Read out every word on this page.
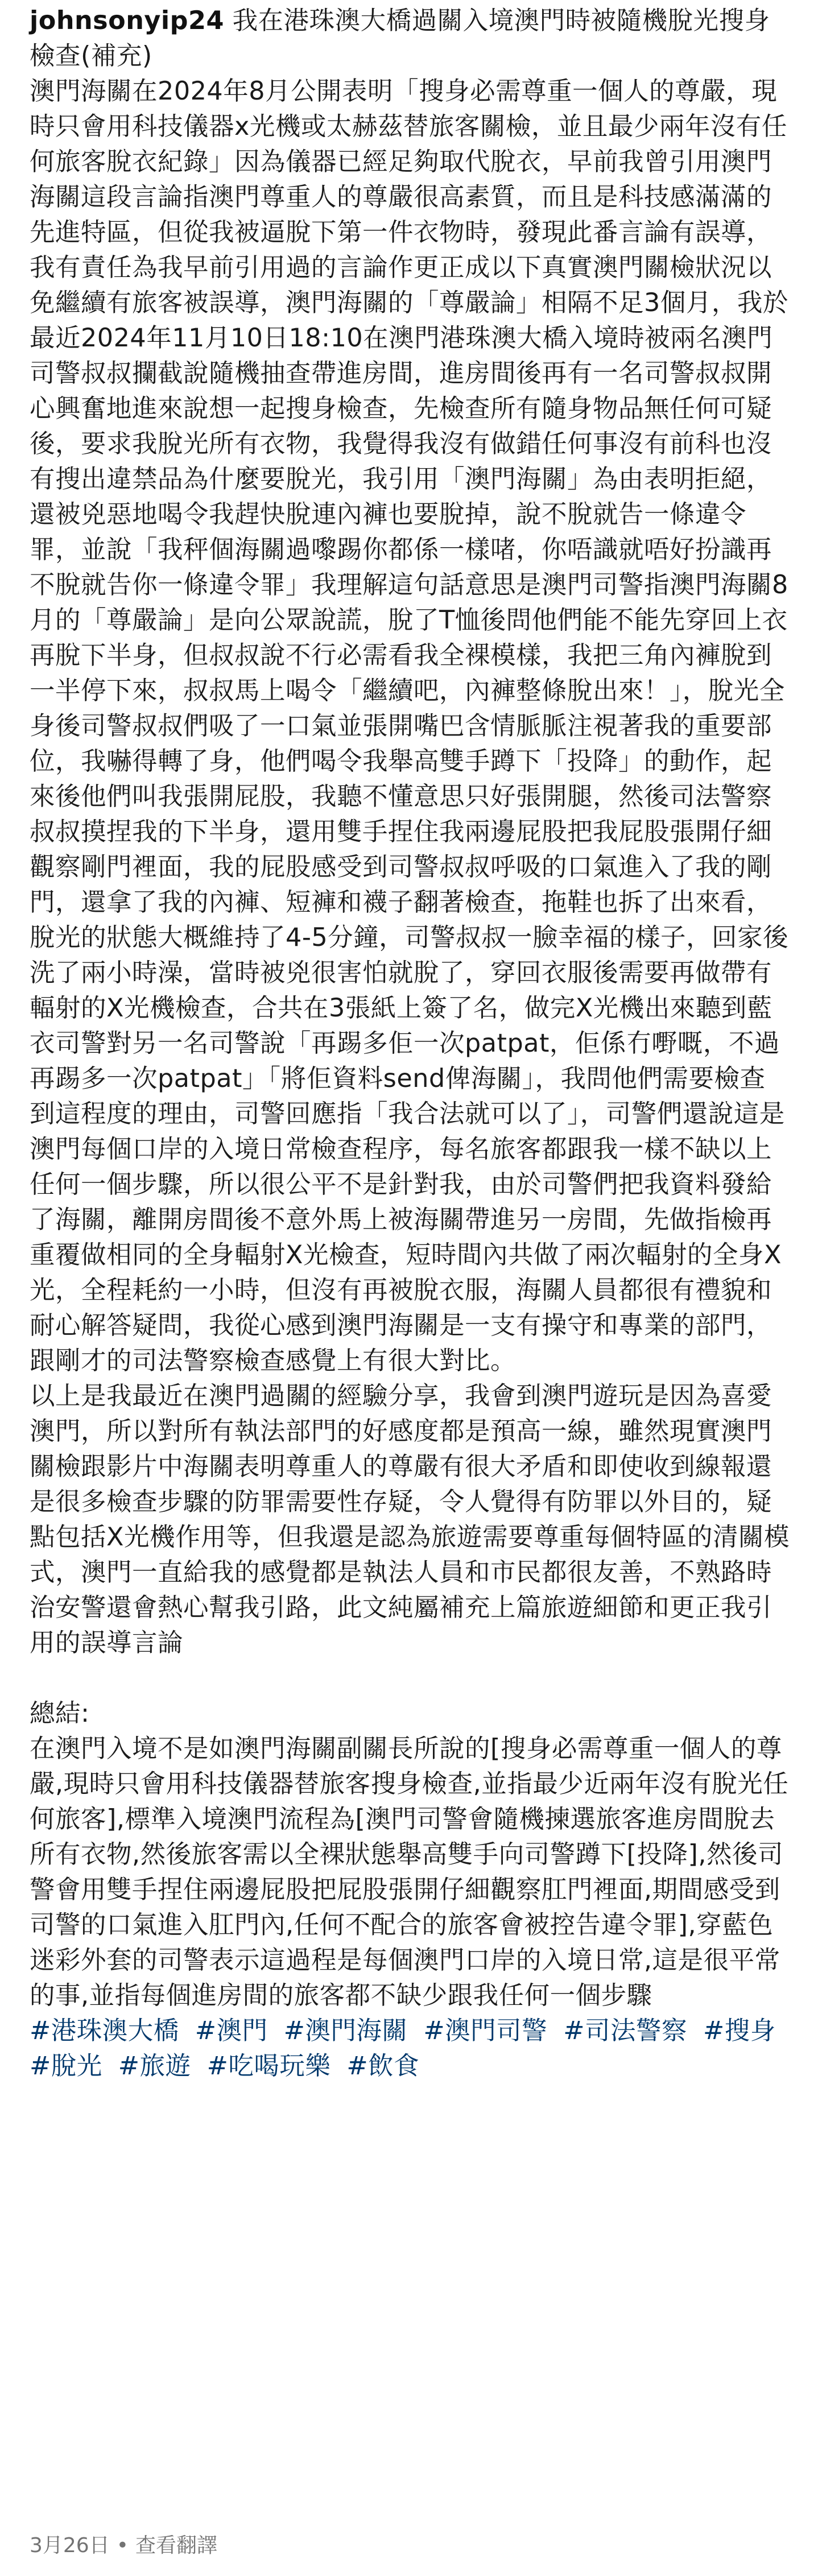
johnsonyip24 我在港珠澳大橋過關入境澳門時被隨機脫光搜身檢查(補充)
澳門海關在2024年8月公開表明「搜身必需尊重一個人的尊嚴，現時只會用科技儀器x光機或太赫茲替旅客關檢，並且最少兩年沒有任何旅客脫衣紀錄」因為儀器已經足夠取代脫衣，早前我曾引用澳門海關這段言論指澳門尊重人的尊嚴很高素質，而且是科技感滿滿的先進特區，但從我被逼脫下第一件衣物時，發現此番言論有誤導，我有責任為我早前引用過的言論作更正成以下真實澳門關檢狀況以免繼續有旅客被誤導，澳門海關的「尊嚴論」相隔不足3個月，我於最近2024年11月10日18:10在澳門港珠澳大橋入境時被兩名澳門司警叔叔攔截說隨機抽查帶進房間，進房間後再有一名司警叔叔開心興奮地進來說想一起搜身檢查，先檢查所有隨身物品無任何可疑後，要求我脫光所有衣物，我覺得我沒有做錯任何事沒有前科也沒有搜出違禁品為什麼要脫光，我引用「澳門海關」為由表明拒絕，還被兇惡地喝令我趕快脫連內褲也要脫掉，說不脫就告一條違令罪，並說「我秤個海關過嚟踢你都係一樣啫，你唔識就唔好扮識再不脫就告你一條違令罪」我理解這句話意思是澳門司警指澳門海關8月的「尊嚴論」是向公眾說謊，脫了T恤後問他們能不能先穿回上衣再脫下半身，但叔叔說不行必需看我全裸模樣，我把三角內褲脫到一半停下來，叔叔馬上喝令「繼續吧，內褲整條脫出來！」，脫光全身後司警叔叔們吸了一口氣並張開嘴巴含情脈脈注視著我的重要部位，我嚇得轉了身，他們喝令我舉高雙手蹲下「投降」的動作，起來後他們叫我張開屁股，我聽不懂意思只好張開腿，然後司法警察叔叔摸捏我的下半身，還用雙手捏住我兩邊屁股把我屁股張開仔細觀察剛門裡面，我的屁股感受到司警叔叔呼吸的口氣進入了我的剛門，還拿了我的內褲、短褲和襪子翻著檢查，拖鞋也拆了出來看，脫光的狀態大概維持了4-5分鐘，司警叔叔一臉幸福的樣子，回家後洗了兩小時澡，當時被兇很害怕就脫了，穿回衣服後需要再做帶有輻射的X光機檢查，合共在3張紙上簽了名，做完X光機出來聽到藍衣司警對另一名司警說「再踢多佢一次patpat，佢係冇嘢嘅，不過再踢多一次patpat」「將佢資料send俾海關」，我問他們需要檢查到這程度的理由，司警回應指「我合法就可以了」，司警們還說這是澳門每個口岸的入境日常檢查程序，每名旅客都跟我一樣不缺以上任何一個步驟，所以很公平不是針對我，由於司警們把我資料發給了海關，離開房間後不意外馬上被海關帶進另一房間，先做指檢再重覆做相同的全身輻射X光檢查，短時間內共做了兩次輻射的全身X光，全程耗約一小時，但沒有再被脫衣服，海關人員都很有禮貌和耐心解答疑問，我從心感到澳門海關是一支有操守和專業的部門，跟剛才的司法警察檢查感覺上有很大對比。
以上是我最近在澳門過關的經驗分享，我會到澳門遊玩是因為喜愛澳門，所以對所有執法部門的好感度都是預高一線，雖然現實澳門關檢跟影片中海關表明尊重人的尊嚴有很大矛盾和即使收到線報還是很多檢查步驟的防罪需要性存疑，令人覺得有防罪以外目的，疑點包括X光機作用等，但我還是認為旅遊需要尊重每個特區的清關模式，澳門一直給我的感覺都是執法人員和市民都很友善，不熟路時治安警還會熱心幫我引路，此文純屬補充上篇旅遊細節和更正我引用的誤導言論

總結:
在澳門入境不是如澳門海關副關長所說的[搜身必需尊重一個人的尊嚴,現時只會用科技儀器替旅客搜身檢查,並指最少近兩年沒有脫光任何旅客],標準入境澳門流程為[澳門司警會隨機揀選旅客進房間脫去所有衣物,然後旅客需以全裸狀態舉高雙手向司警蹲下[投降],然後司警會用雙手捏住兩邊屁股把屁股張開仔細觀察肛門裡面,期間感受到司警的口氣進入肛門內,任何不配合的旅客會被控告違令罪],穿藍色迷彩外套的司警表示這過程是每個澳門口岸的入境日常,這是很平常的事,並指每個進房間的旅客都不缺少跟我任何一個步驟

#港珠澳大橋 #澳門 #澳門海關 #澳門司警 #司法警察 #搜身 #脫光 #旅遊 #吃喝玩樂 #飲食
3月26日 • 查看翻譯
